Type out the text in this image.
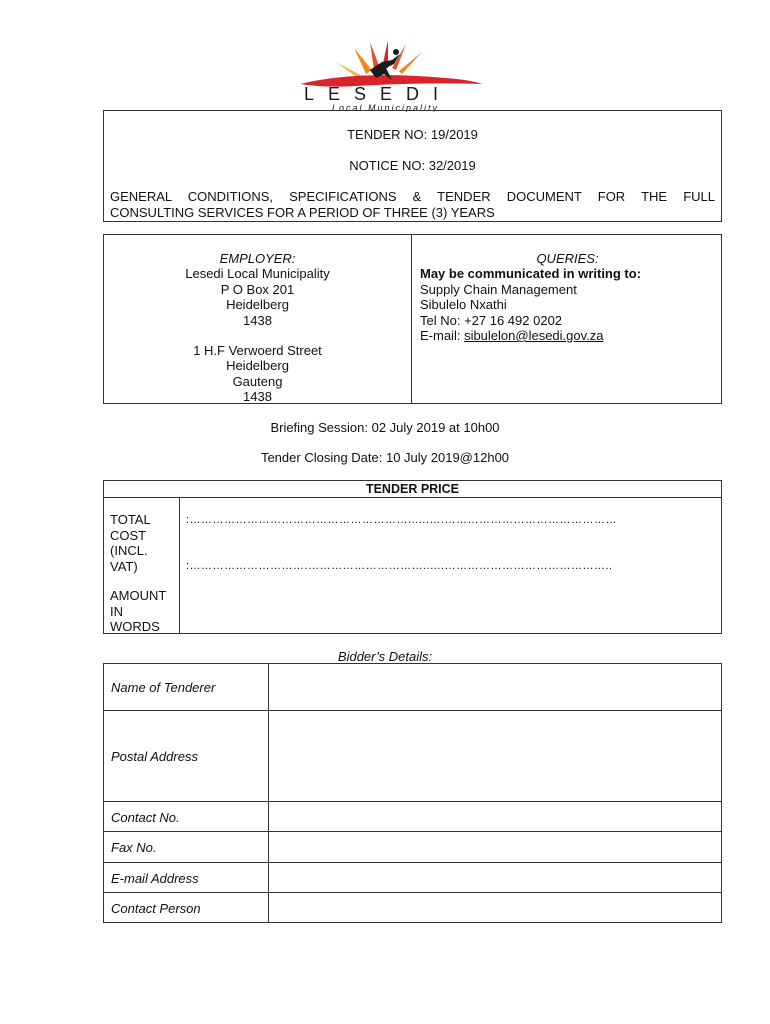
LESEDI
Local Municipality
TENDER NO: 19/2019
NOTICE NO: 32/2019
GENERAL CONDITIONS, SPECIFICATIONS & TENDER DOCUMENT FOR THE FULL
CONSULTING SERVICES FOR A PERIOD OF THREE (3) YEARS
EMPLOYER:
Lesedi Local Municipality
P O Box 201
Heidelberg
1438
1 H.F Verwoerd Street
Heidelberg
Gauteng
1438
QUERIES:
May be communicated in writing to:
Supply Chain Management
Sibulelo Nxathi
Tel No: +27 16 492 0202
E-mail: sibulelon@lesedi.gov.za
Briefing Session: 02 July 2019 at 10h00
Tender Closing Date: 10 July 2019@12h00
TENDER PRICE
TOTAL
COST
(INCL.
VAT)
AMOUNT
IN
WORDS
:…………………………………………………......….………………………………………
:………………………….…………………………......……………………………………..
Bidder’s Details:
Name of Tenderer
Postal Address
Contact No.
Fax No.
E-mail Address
Contact Person
